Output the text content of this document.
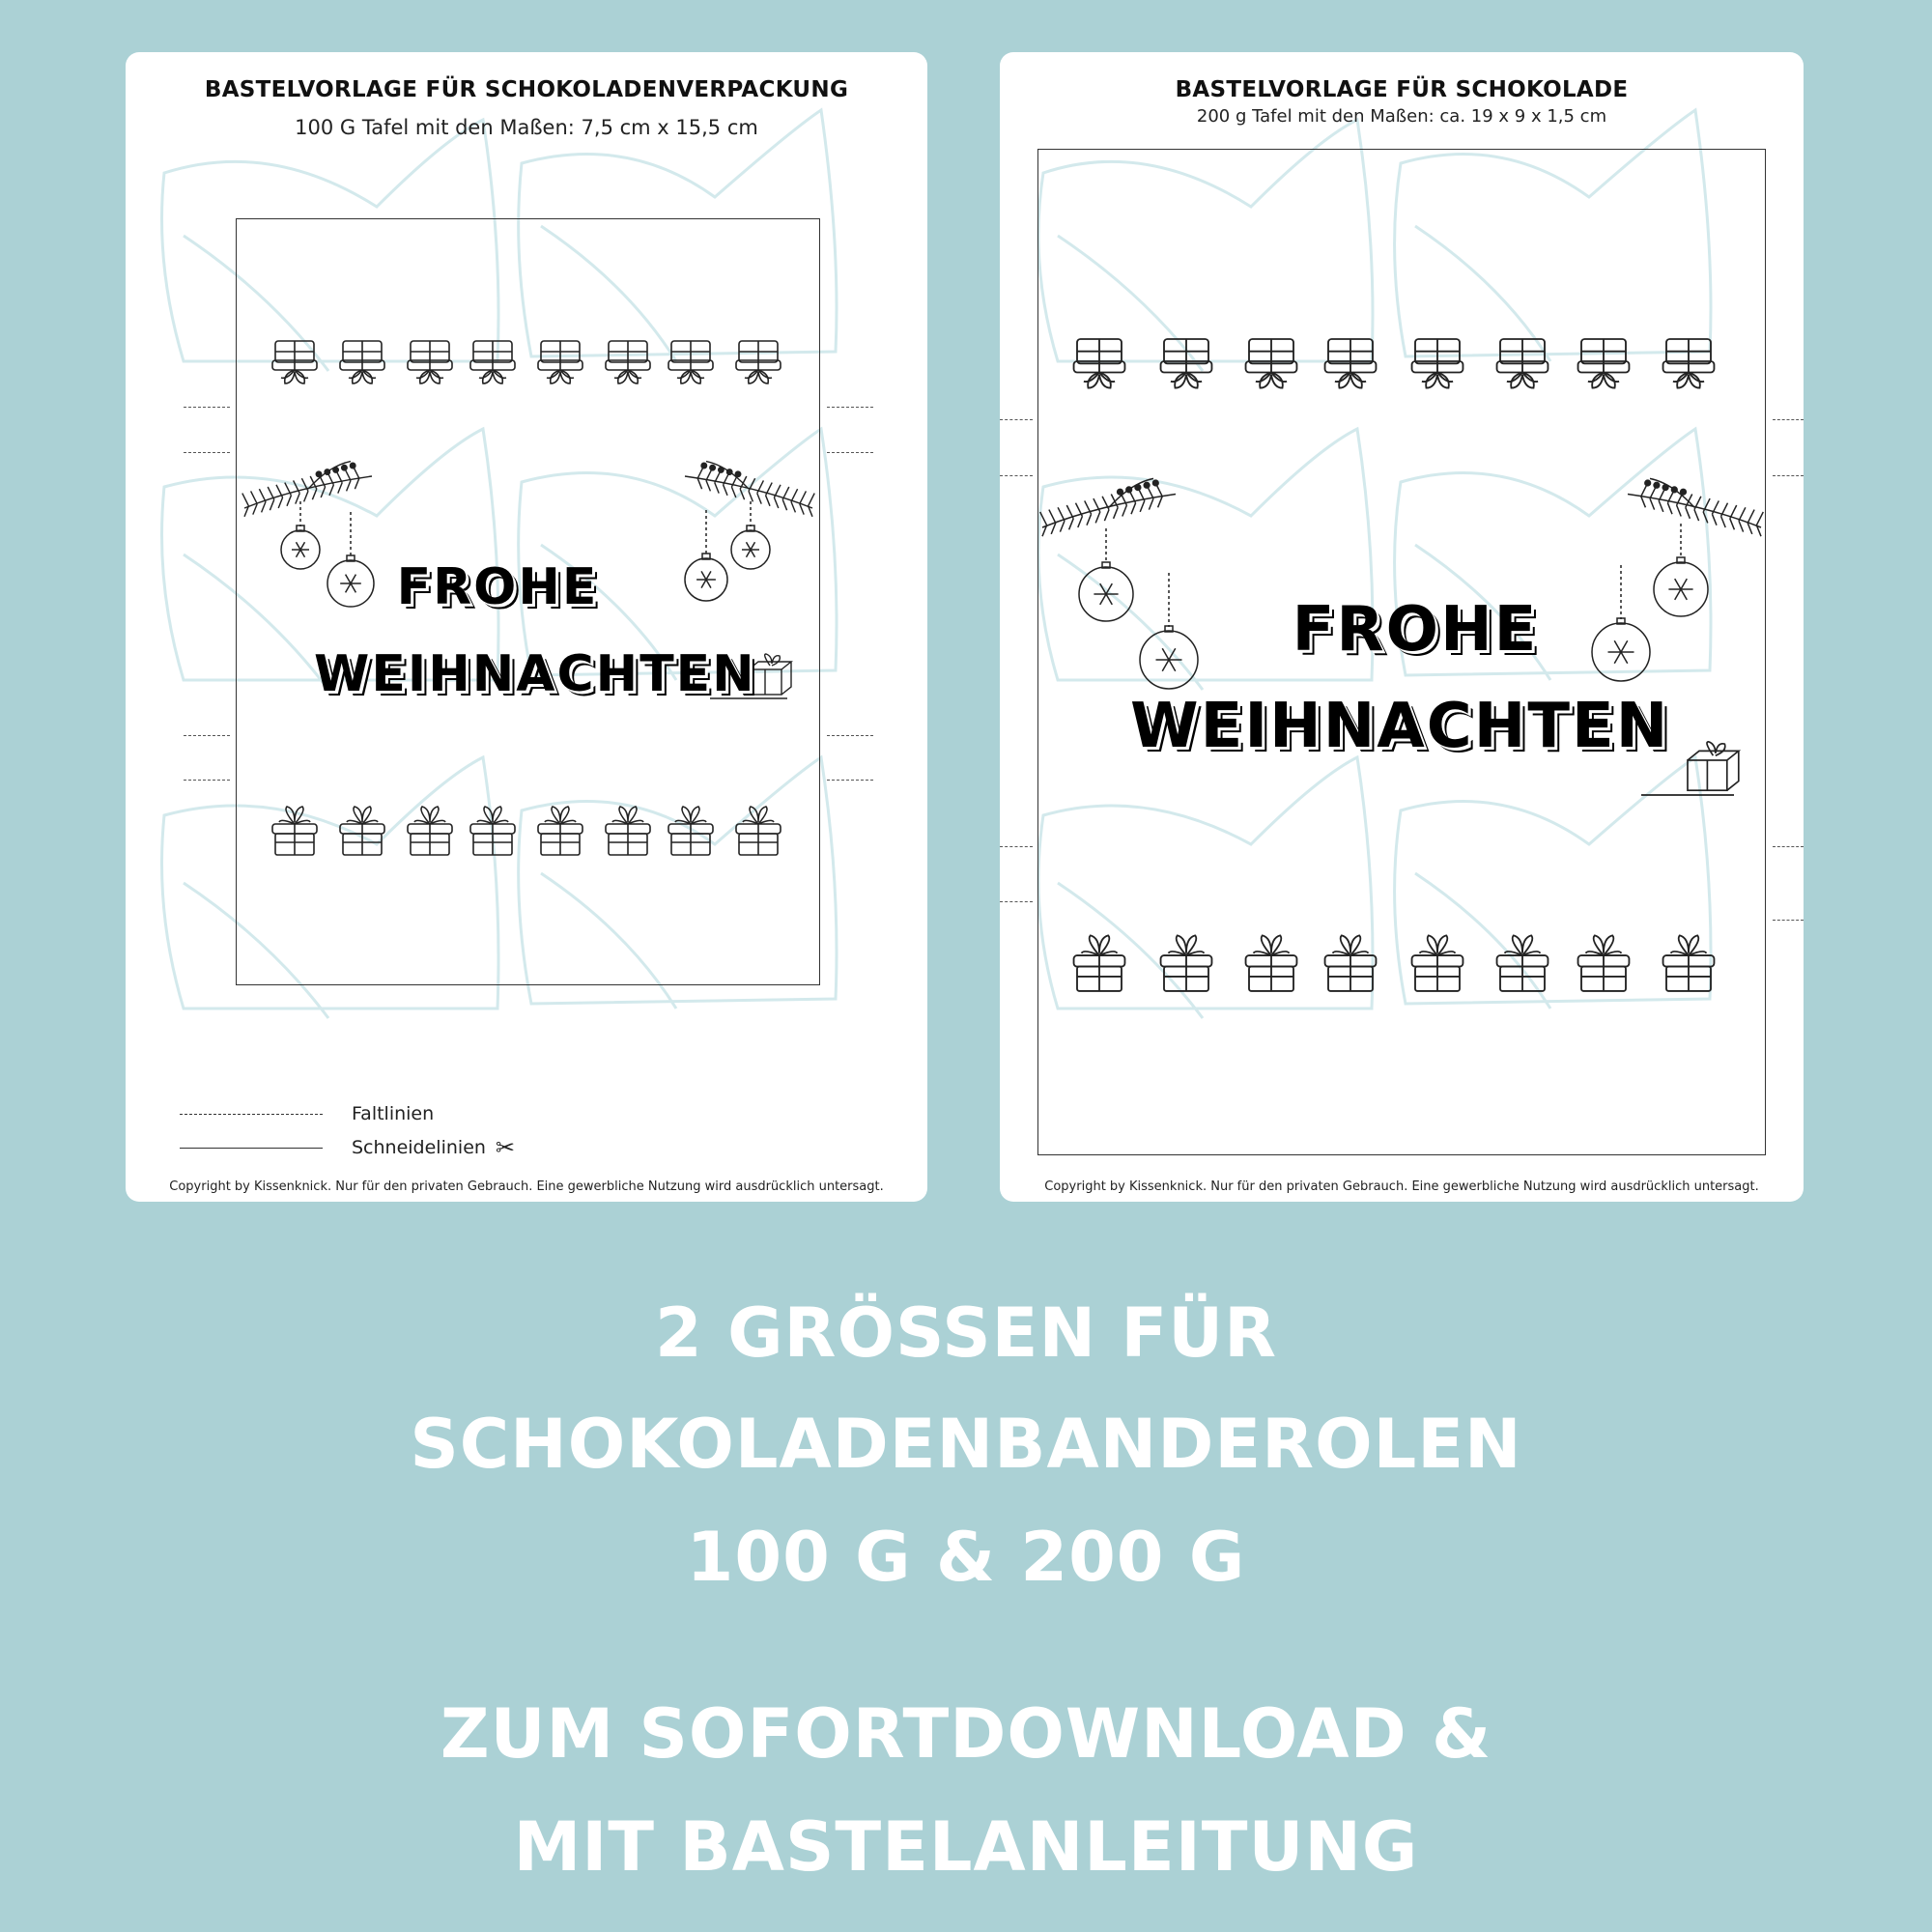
BASTELVORLAGE FÜR SCHOKOLADENVERPACKUNG
100 G Tafel mit den Maßen: 7,5 cm x 15,5 cm
FROHE
WEIHNACHTEN
Faltlinien
Schneidelinien ✂
Copyright by Kissenknick. Nur für den privaten Gebrauch. Eine gewerbliche Nutzung wird ausdrücklich untersagt.
BASTELVORLAGE FÜR SCHOKOLADE
200 g Tafel mit den Maßen: ca. 19 x 9 x 1,5 cm
FROHE
WEIHNACHTEN
Copyright by Kissenknick. Nur für den privaten Gebrauch. Eine gewerbliche Nutzung wird ausdrücklich untersagt.
2 GRÖSSEN FÜR
SCHOKOLADENBANDEROLEN
100 G & 200 G
ZUM SOFORTDOWNLOAD &
MIT BASTELANLEITUNG
